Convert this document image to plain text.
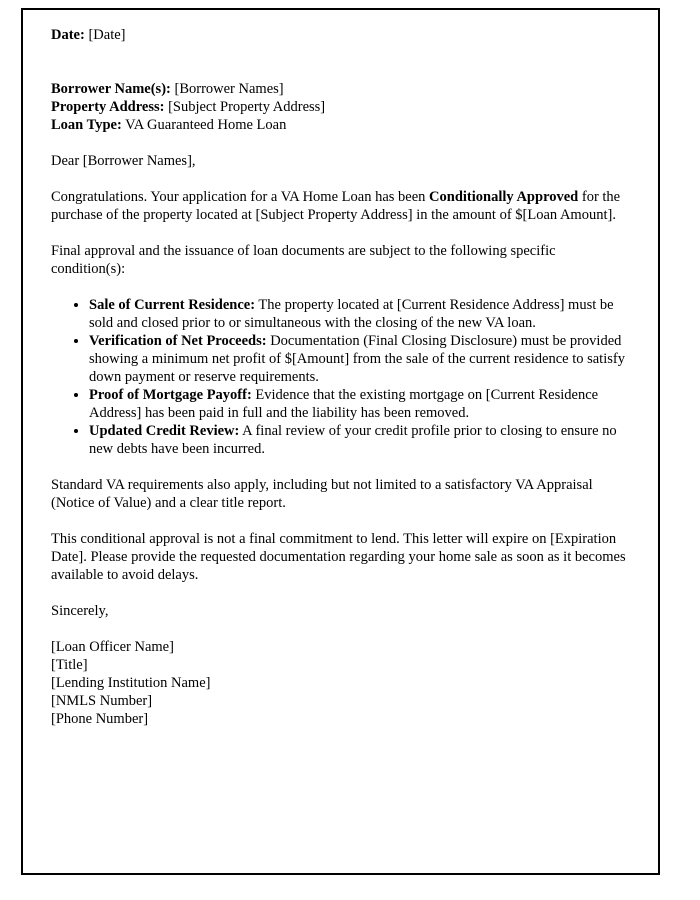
Date: [Date]

Borrower Name(s): [Borrower Names]

Property Address: [Subject Property Address]

Loan Type: VA Guaranteed Home Loan

Dear [Borrower Names],

Congratulations. Your application for a VA Home Loan has been Conditionally Approved for the purchase of the property located at [Subject Property Address] in the amount of $[Loan Amount].

Final approval and the issuance of loan documents are subject to the following specific condition(s):

• Sale of Current Residence: The property located at [Current Residence Address] must be sold and closed prior to or simultaneous with the closing of the new VA loan.
• Verification of Net Proceeds: Documentation (Final Closing Disclosure) must be provided showing a minimum net profit of $[Amount] from the sale of the current residence to satisfy down payment or reserve requirements.
• Proof of Mortgage Payoff: Evidence that the existing mortgage on [Current Residence Address] has been paid in full and the liability has been removed.
• Updated Credit Review: A final review of your credit profile prior to closing to ensure no new debts have been incurred.

Standard VA requirements also apply, including but not limited to a satisfactory VA Appraisal (Notice of Value) and a clear title report.

This conditional approval is not a final commitment to lend. This letter will expire on [Expiration Date]. Please provide the requested documentation regarding your home sale as soon as it becomes available to avoid delays.

Sincerely,

[Loan Officer Name]

[Title]

[Lending Institution Name]

[NMLS Number]

[Phone Number]
